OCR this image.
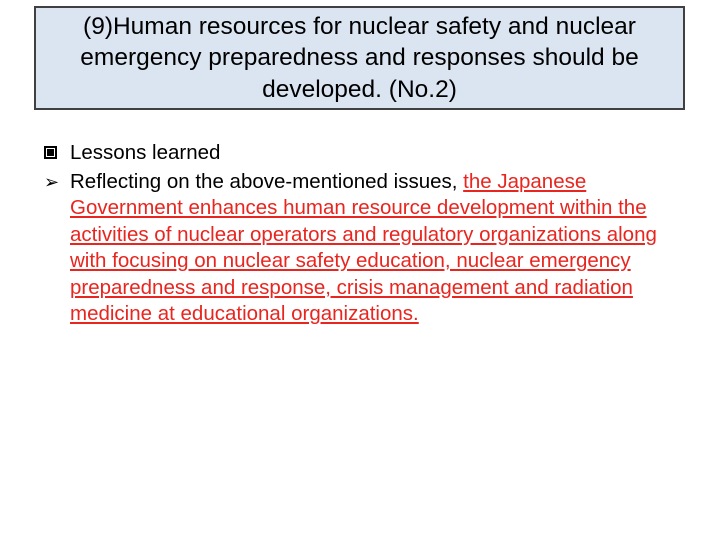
(9)Human resources for nuclear safety and nuclear emergency preparedness and responses should be developed. (No.2)
Lessons learned
➢ Reflecting on the above-mentioned issues, the Japanese Government enhances human resource development within the activities of nuclear operators and regulatory organizations along with focusing on nuclear safety education, nuclear emergency preparedness and response, crisis management and radiation medicine at educational organizations.
